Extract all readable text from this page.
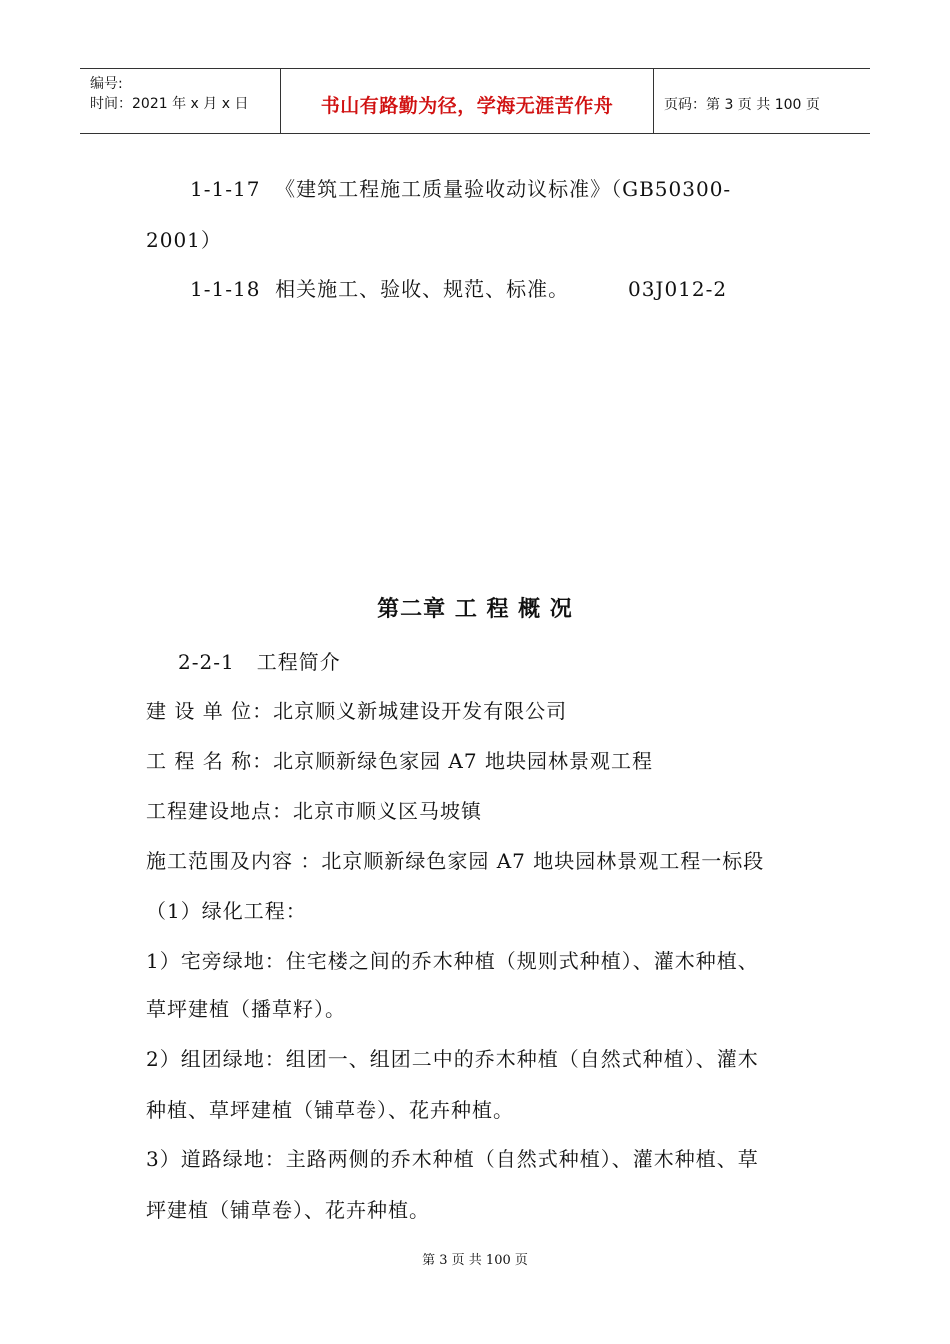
编号:
时间：2021 年 x 月 x 日	书山有路勤为径，学海无涯苦作舟	页码：第 3 页 共 100 页
1-1-17  《建筑工程施工质量验收动议标准》（GB50300-
2001）
1-1-18  相关施工、验收、规范、标准。        03J012-2
第二章 工 程 概 况
2-2-1   工程简介
建 设 单 位：北京顺义新城建设开发有限公司
工 程 名 称：北京顺新绿色家园 A7 地块园林景观工程
工程建设地点：北京市顺义区马坡镇
施工范围及内容 ：北京顺新绿色家园 A7 地块园林景观工程一标段
（1）绿化工程：
1）宅旁绿地：住宅楼之间的乔木种植（规则式种植）、灌木种植、
草坪建植（播草籽）。
2）组团绿地：组团一、组团二中的乔木种植（自然式种植）、灌木
种植、草坪建植（铺草卷）、花卉种植。
3）道路绿地：主路两侧的乔木种植（自然式种植）、灌木种植、草
坪建植（铺草卷）、花卉种植。
第 3 页 共 100 页
